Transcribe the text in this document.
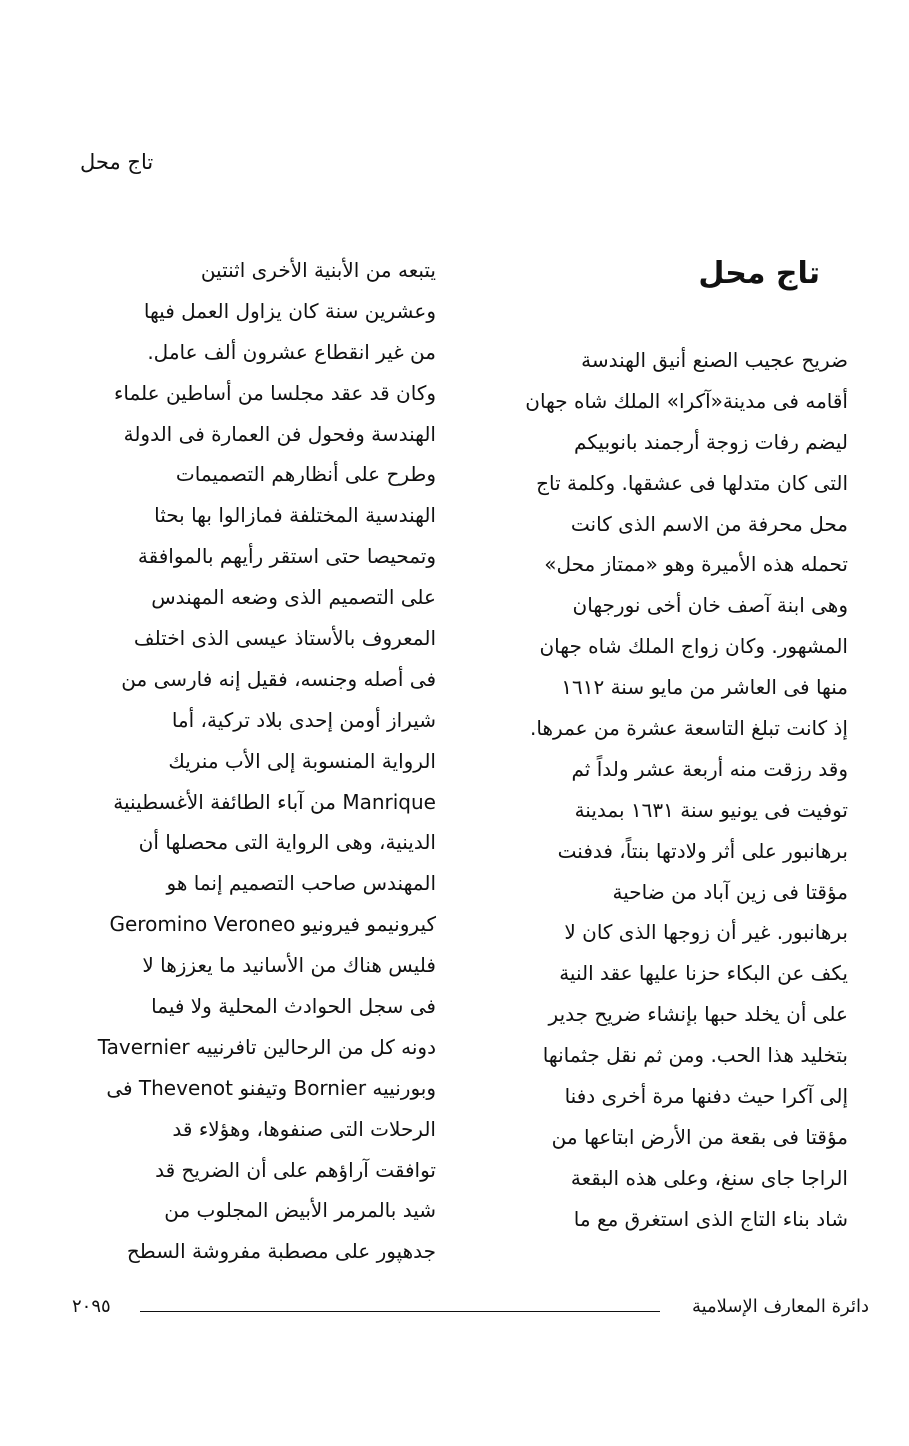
تاج محل
تاج محل
ضريح عجيب الصنع أنيق الهندسة
أقامه فى مدينة«آكرا» الملك شاه جهان
ليضم رفات زوجة أرجمند بانوبيكم
التى كان متدلها فى عشقها. وكلمة تاج
محل محرفة من الاسم الذى كانت
تحمله هذه الأميرة وهو «ممتاز محل»
وهى ابنة آصف خان أخى نورجهان
المشهور. وكان زواج الملك شاه جهان
منها فى العاشر من مايو سنة ١٦١٢
إذ كانت تبلغ التاسعة عشرة من عمرها.
وقد رزقت منه أربعة عشر ولداً ثم
توفيت فى يونيو سنة ١٦٣١ بمدينة
برهانبور على أثر ولادتها بنتاً، فدفنت
مؤقتا فى زين آباد من ضاحية
برهانبور. غير أن زوجها الذى كان لا
يكف عن البكاء حزنا عليها عقد النية
على أن يخلد حبها بإنشاء ضريح جدير
بتخليد هذا الحب. ومن ثم نقل جثمانها
إلى آكرا حيث دفنها مرة أخرى دفنا
مؤقتا فى بقعة من الأرض ابتاعها من
الراجا جاى سنغ، وعلى هذه البقعة
شاد بناء التاج الذى استغرق مع ما
يتبعه من الأبنية الأخرى اثنتين
وعشرين سنة كان يزاول العمل فيها
من غير انقطاع عشرون ألف عامل.
وكان قد عقد مجلسا من أساطين علماء
الهندسة وفحول فن العمارة فى الدولة
وطرح على أنظارهم التصميمات
الهندسية المختلفة فمازالوا بها بحثا
وتمحيصا حتى استقر رأيهم بالموافقة
على التصميم الذى وضعه المهندس
المعروف بالأستاذ عيسى الذى اختلف
فى أصله وجنسه، فقيل إنه فارسى من
شيراز أومن إحدى بلاد تركية، أما
الرواية المنسوبة إلى الأب منريك
Manrique من آباء الطائفة الأغسطينية
الدينية، وهى الرواية التى محصلها أن
المهندس صاحب التصميم إنما هو
كيرونيمو فيرونيو Geromino Veroneo
فليس هناك من الأسانيد ما يعززها لا
فى سجل الحوادث المحلية ولا فيما
دونه كل من الرحالين تافرنييه Tavernier
وبورنييه Bornier وتيفنو Thevenot فى
الرحلات التى صنفوها، وهؤلاء قد
توافقت آراؤهم على أن الضريح قد
شيد بالمرمر الأبيض المجلوب من
جدهپور على مصطبة مفروشة السطح
دائرة المعارف الإسلامية
٢٠٩٥
